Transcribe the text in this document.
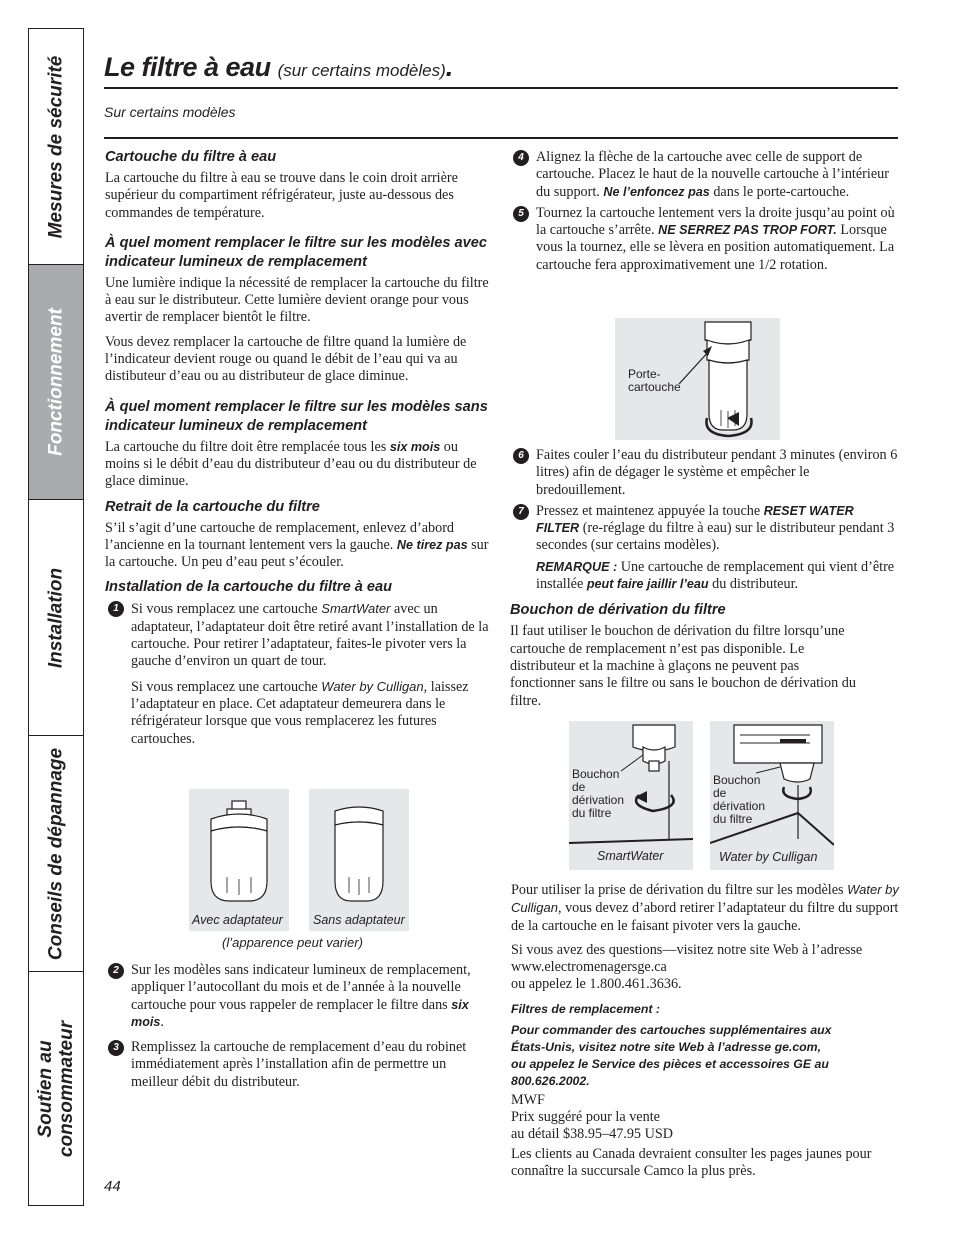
Mesures de sécurité
Fonctionnement
Installation
Conseils de dépannage
Soutien au
consommateur
Le filtre à eau (sur certains modèles).
Sur certains modèles
Cartouche du filtre à eau

La cartouche du filtre à eau se trouve dans le coin droit arrière supérieur du compartiment réfrigérateur, juste au-dessous des commandes de température.

À quel moment remplacer le filtre sur les modèles avec indicateur lumineux de remplacement

Une lumière indique la nécessité de remplacer la cartouche du filtre à eau sur le distributeur. Cette lumière devient orange pour vous avertir de remplacer bientôt le filtre.

Vous devez remplacer la cartouche de filtre quand la lumière de l’indicateur devient rouge ou quand le débit de l’eau qui va au distibuteur d’eau ou au distributeur de glace diminue.

À quel moment remplacer le filtre sur les modèles sans indicateur lumineux de remplacement

La cartouche du filtre doit être remplacée tous les six mois ou moins si le débit d’eau du distributeur d’eau ou du distributeur de glace diminue.

Retrait de la cartouche du filtre

S’il s’agit d’une cartouche de remplacement, enlevez d’abord l’ancienne en la tournant lentement vers la gauche. Ne tirez pas sur la cartouche. Un peu d’eau peut s’écouler.

Installation de la cartouche du filtre à eau
1 Si vous remplacez une cartouche SmartWater avec un adaptateur, l’adaptateur doit être retiré avant l’installation de la cartouche. Pour retirer l’adaptateur, faites-le pivoter vers la gauche d’environ un quart de tour.

Si vous remplacez une cartouche Water by Culligan, laissez l’adaptateur en place. Cet adaptateur demeurera dans le réfrigérateur lorsque que vous remplacerez les futures cartouches.

Avec adaptateur Sans adaptateur
(l’apparence peut varier)
2 Sur les modèles sans indicateur lumineux de remplacement, appliquer l’autocollant du mois et de l’année à la nouvelle cartouche pour vous rappeler de remplacer le filtre dans six mois.
3 Remplissez la cartouche de remplacement d’eau du robinet immédiatement après l’installation afin de permettre un meilleur débit du distributeur.
4 Alignez la flèche de la cartouche avec celle de support de cartouche. Placez le haut de la nouvelle cartouche à l’intérieur du support. Ne l’enfoncez pas dans le porte-cartouche.
5 Tournez la cartouche lentement vers la droite jusqu’au point où la cartouche s’arrête. NE SERREZ PAS TROP FORT. Lorsque vous la tournez, elle se lèvera en position automatiquement. La cartouche fera approximativement une 1/2 rotation.
Porte-
cartouche
6 Faites couler l’eau du distributeur pendant 3 minutes (environ 6 litres) afin de dégager le système et empêcher le bredouillement.
7 Pressez et maintenez appuyée la touche RESET WATER FILTER (re-réglage du filtre à eau) sur le distributeur pendant 3 secondes (sur certains modèles).

REMARQUE : Une cartouche de remplacement qui vient d’être installée peut faire jaillir l’eau du distributeur.

Bouchon de dérivation du filtre

Il faut utiliser le bouchon de dérivation du filtre lorsqu’une cartouche de remplacement n’est pas disponible. Le distributeur et la machine à glaçons ne peuvent pas fonctionner sans le filtre ou sans le bouchon de dérivation du filtre.

Bouchon
de
dérivation
du filtre
SmartWater
Bouchon
de
dérivation
du filtre
Water by Culligan

Pour utiliser la prise de dérivation du filtre sur les modèles Water by Culligan, vous devez d’abord retirer l’adaptateur du filtre du support de la cartouche en le faisant pivoter vers la gauche.

Si vous avez des questions—visitez notre site Web à l’adresse
www.electromenagersge.ca
ou appelez le 1.800.461.3636.

Filtres de remplacement :

Pour commander des cartouches supplémentaires aux États-Unis, visitez notre site Web à l’adresse ge.com, ou appelez le Service des pièces et accessoires GE au 800.626.2002.

MWF
Prix suggéré pour la vente
au détail $38.95–47.95 USD

Les clients au Canada devraient consulter les pages jaunes pour connaître la succursale Camco la plus près.

44
